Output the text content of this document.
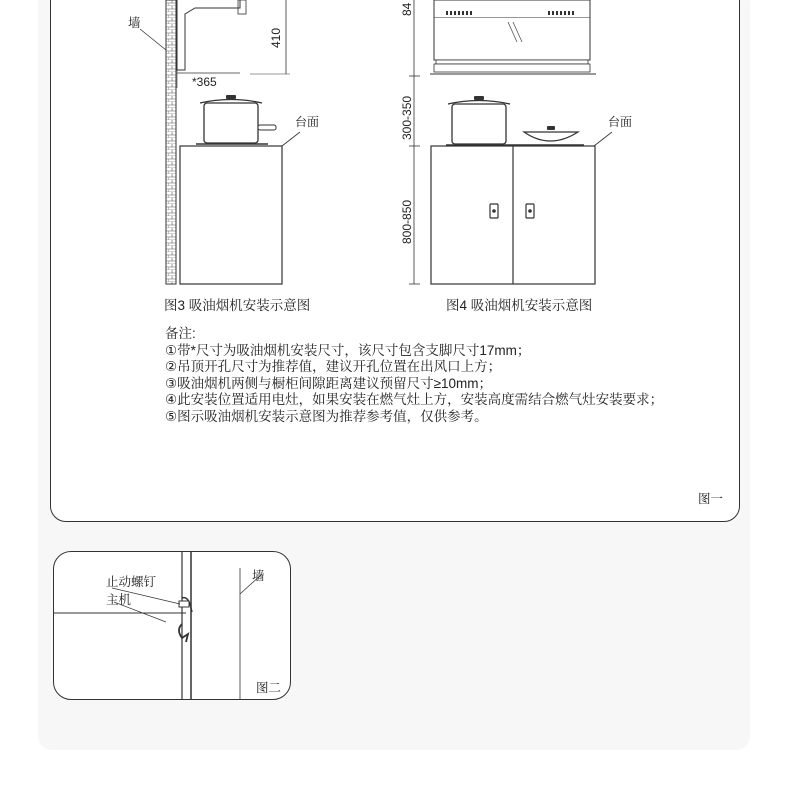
墙
410
*365
台面
84
300-350
800-850
台面
图3 吸油烟机安装示意图	图4 吸油烟机安装示意图
备注:
①带*尺寸为吸油烟机安装尺寸，该尺寸包含支脚尺寸17mm；
②吊顶开孔尺寸为推荐值，建议开孔位置在出风口上方；
③吸油烟机两侧与橱柜间隙距离建议预留尺寸≥10mm；
④此安装位置适用电灶，如果安装在燃气灶上方，安装高度需结合燃气灶安装要求；
⑤图示吸油烟机安装示意图为推荐参考值，仅供参考。
图一
止动螺钉
主机
墙
图二
